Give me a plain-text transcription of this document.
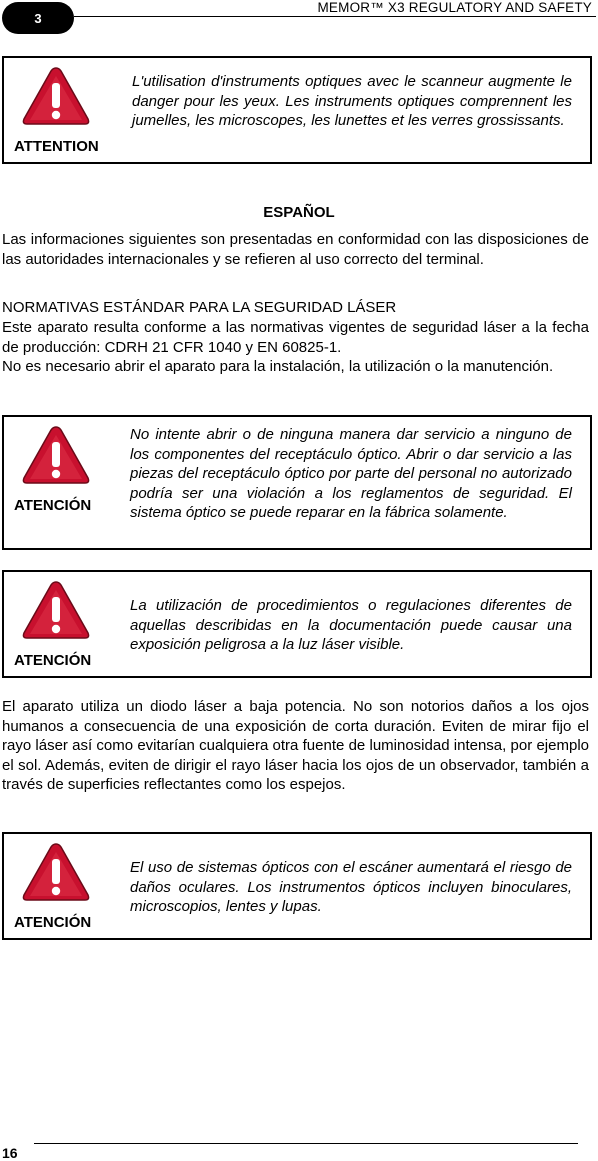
3
MEMOR™ X3 REGULATORY AND SAFETY
ATTENTION
L'utilisation d'instruments optiques avec le scanneur augmente le danger pour les yeux. Les instruments optiques comprennent les jumelles, les microscopes, les lunettes et les verres grossissants.
ESPAÑOL
Las informaciones siguientes son presentadas en conformidad con las disposiciones de las autoridades internacionales y se refieren al uso correcto del terminal.
NORMATIVAS ESTÁNDAR PARA LA SEGURIDAD LÁSER
Este aparato resulta conforme a las normativas vigentes de seguridad láser a la fecha de producción: CDRH 21 CFR 1040 y EN 60825-1.
No es necesario abrir el aparato para la instalación, la utilización o la manutención.
ATENCIÓN
No intente abrir o de ninguna manera dar servicio a ninguno de los componentes del receptáculo óptico. Abrir o dar servicio a las piezas del receptáculo óptico por parte del personal no autorizado podría ser una violación a los reglamentos de seguridad. El sistema óptico se puede reparar en la fábrica solamente.
ATENCIÓN
La utilización de procedimientos o regulaciones diferentes de aquellas describidas en la documentación puede causar una exposición peligrosa a la luz láser visible.
El aparato utiliza un diodo láser a baja potencia. No son notorios daños a los ojos humanos a consecuencia de una exposición de corta duración. Eviten de mirar fijo el rayo láser así como evitarían cualquiera otra fuente de luminosidad intensa, por ejemplo el sol. Además, eviten de dirigir el rayo láser hacia los ojos de un observador, también a través de superficies reflectantes como los espejos.
ATENCIÓN
El uso de sistemas ópticos con el escáner aumentará el riesgo de daños oculares. Los instrumentos ópticos incluyen binoculares, microscopios, lentes y lupas.
16
